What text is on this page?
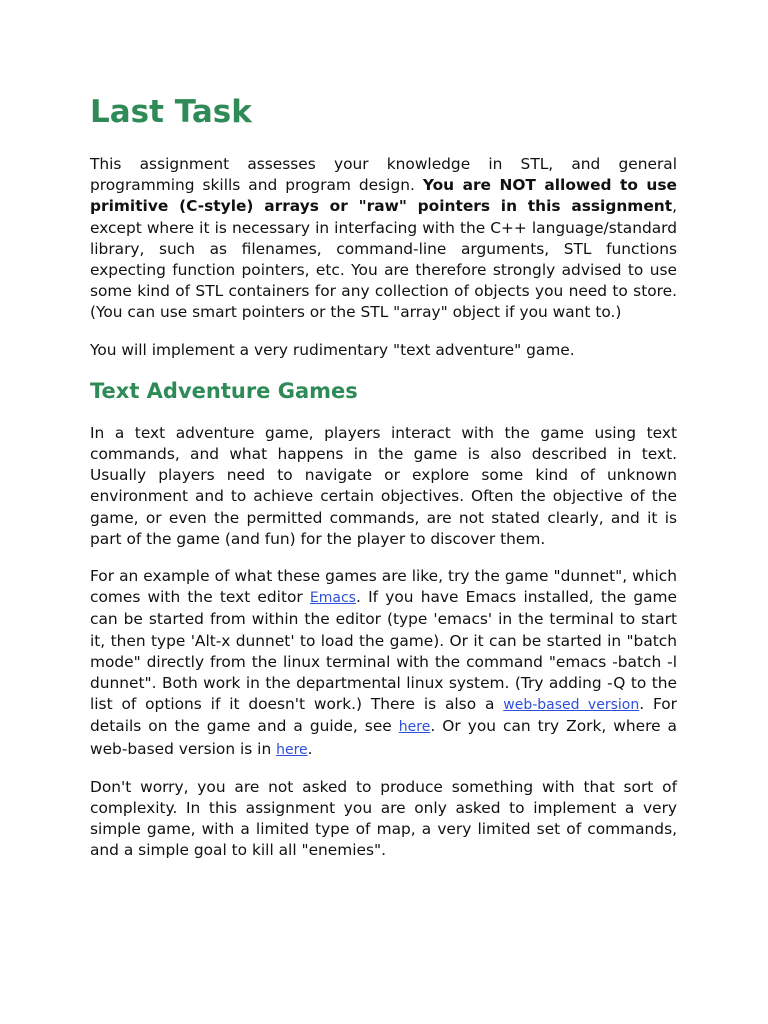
Last Task

This assignment assesses your knowledge in STL, and general programming skills and program design. You are NOT allowed to use primitive (C-style) arrays or "raw" pointers in this assignment, except where it is necessary in interfacing with the C++ language/standard library, such as filenames, command-line arguments, STL functions expecting function pointers, etc. You are therefore strongly advised to use some kind of STL containers for any collection of objects you need to store. (You can use smart pointers or the STL "array" object if you want to.)

You will implement a very rudimentary "text adventure" game.

Text Adventure Games

In a text adventure game, players interact with the game using text commands, and what happens in the game is also described in text. Usually players need to navigate or explore some kind of unknown environment and to achieve certain objectives. Often the objective of the game, or even the permitted commands, are not stated clearly, and it is part of the game (and fun) for the player to discover them.

For an example of what these games are like, try the game "dunnet", which comes with the text editor Emacs. If you have Emacs installed, the game can be started from within the editor (type 'emacs' in the terminal to start it, then type 'Alt-x dunnet' to load the game). Or it can be started in "batch mode" directly from the linux terminal with the command "emacs -batch -l dunnet". Both work in the departmental linux system. (Try adding -Q to the list of options if it doesn't work.) There is also a web-based version. For details on the game and a guide, see here. Or you can try Zork, where a web-based version is in here.

Don't worry, you are not asked to produce something with that sort of complexity. In this assignment you are only asked to implement a very simple game, with a limited type of map, a very limited set of commands, and a simple goal to kill all "enemies".
